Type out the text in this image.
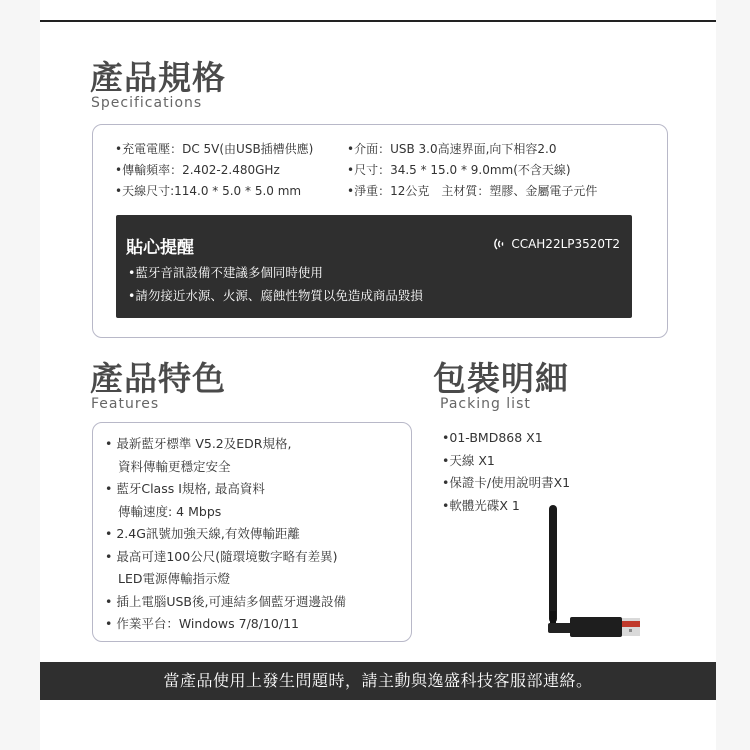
產品規格
Specifications
•充電電壓：DC 5V(由USB插槽供應)
•傳輸頻率：2.402-2.480GHz
•天線尺寸:114.0 * 5.0 * 5.0 mm
•介面：USB 3.0高速界面,向下相容2.0
•尺寸：34.5 * 15.0 * 9.0mm(不含天線)
•淨重：12公克　主材質：塑膠、金屬電子元件
貼心提醒	CCAH22LP3520T2
•藍牙音訊設備不建議多個同時使用
•請勿接近水源、火源、腐蝕性物質以免造成商品毀損
產品特色
Features
• 最新藍牙標準 V5.2及EDR規格,
資料傳輸更穩定安全
• 藍牙Class I規格, 最高資料
傳輸速度: 4 Mbps
• 2.4G訊號加強天線,有效傳輸距離
• 最高可達100公尺(隨環境數字略有差異)
LED電源傳輸指示燈
• 插上電腦USB後,可連結多個藍牙週邊設備
• 作業平台：Windows 7/8/10/11
包裝明細
Packing list
•01-BMD868 X1
•天線 X1
•保證卡/使用說明書X1
•軟體光碟X 1
當產品使用上發生問題時，請主動與逸盛科技客服部連絡。
